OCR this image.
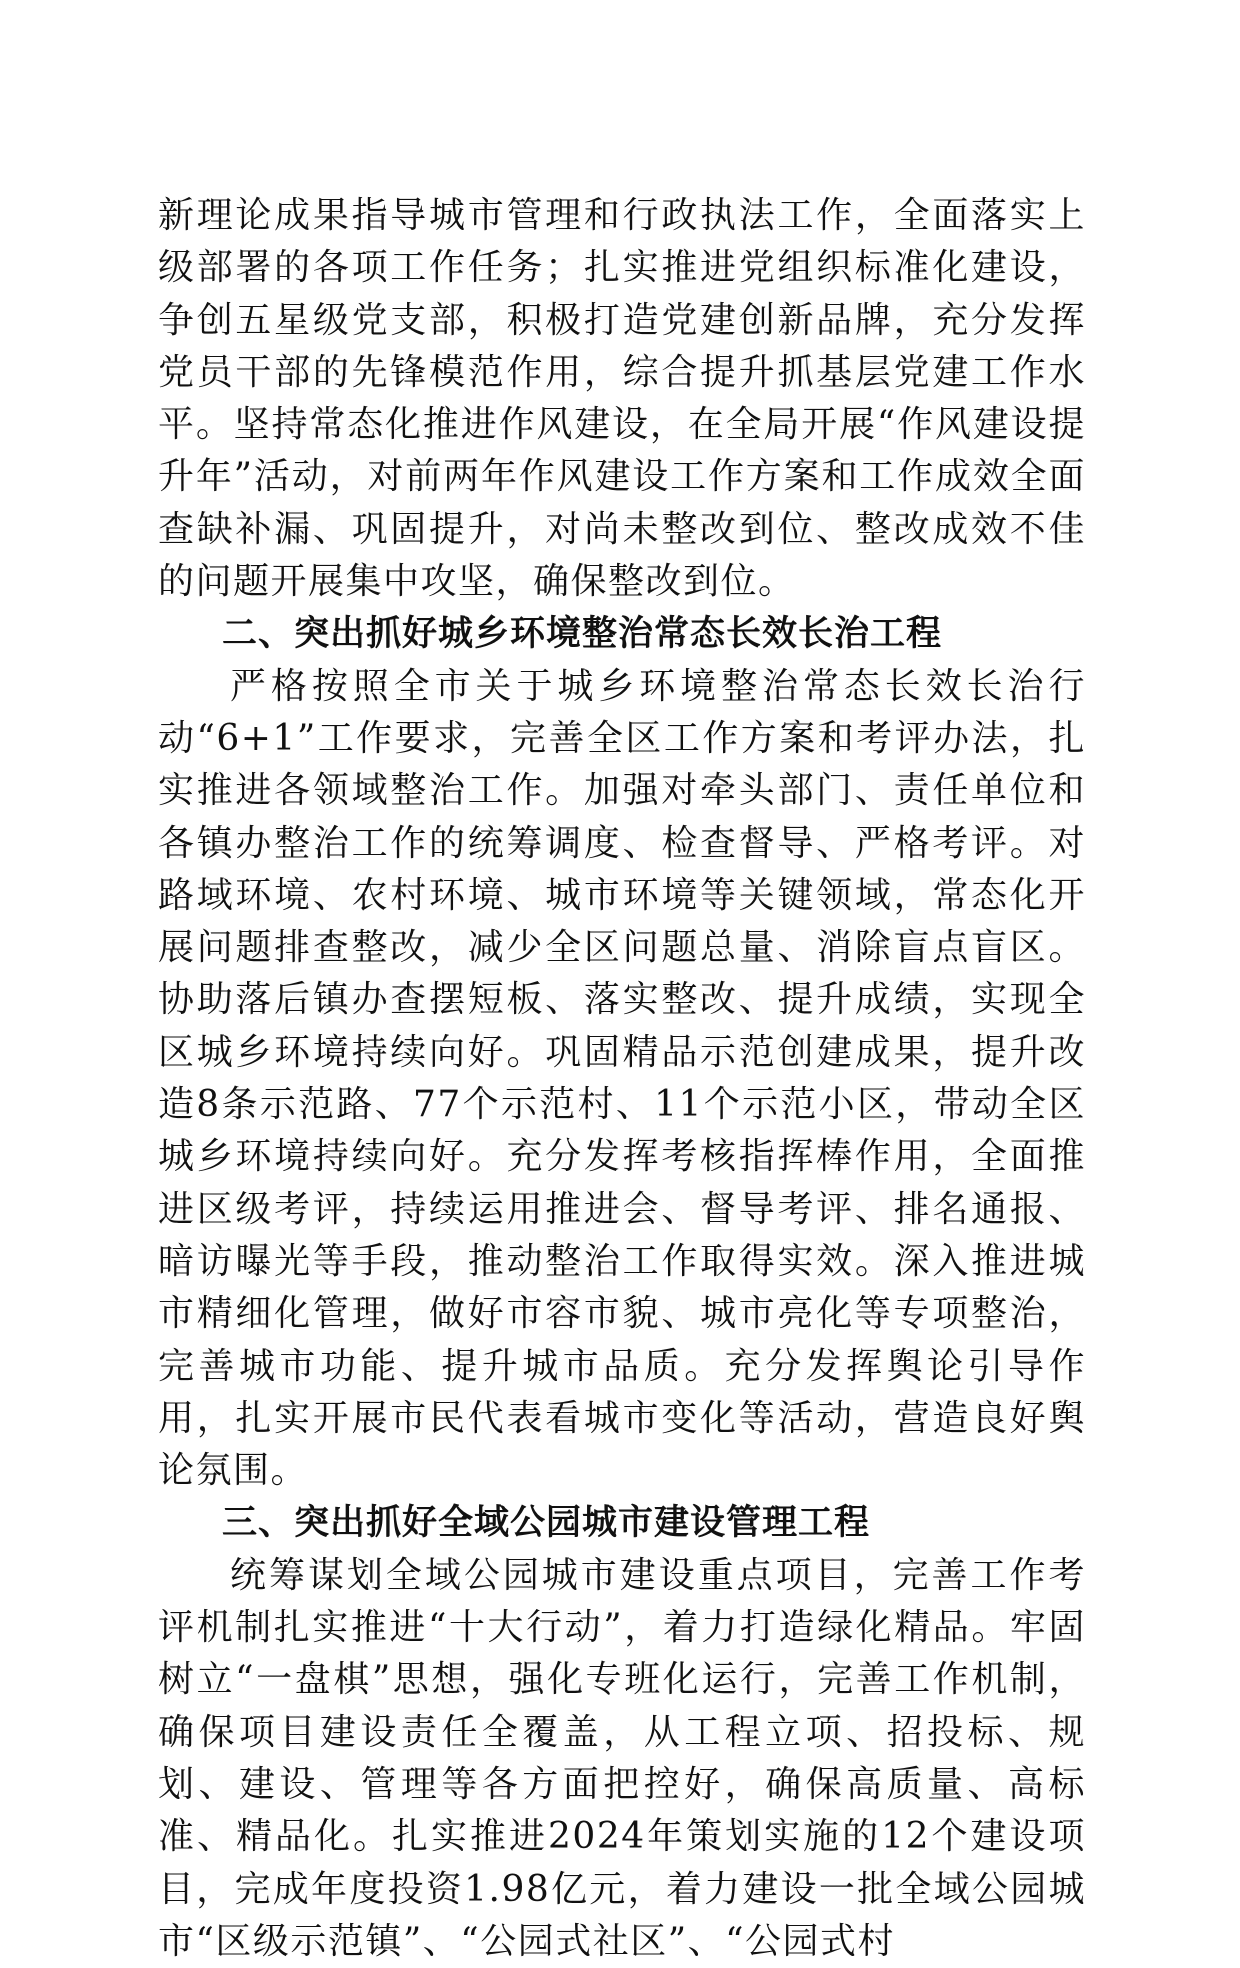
新理论成果指导城市管理和行政执法工作，全面落实上级部署的各项工作任务；扎实推进党组织标准化建设，争创五星级党支部，积极打造党建创新品牌，充分发挥党员干部的先锋模范作用，综合提升抓基层党建工作水平。坚持常态化推进作风建设，在全局开展“作风建设提升年”活动，对前两年作风建设工作方案和工作成效全面查缺补漏、巩固提升，对尚未整改到位、整改成效不佳的问题开展集中攻坚，确保整改到位。

二、突出抓好城乡环境整治常态长效长治工程

严格按照全市关于城乡环境整治常态长效长治行动“6+1”工作要求，完善全区工作方案和考评办法，扎实推进各领域整治工作。加强对牵头部门、责任单位和各镇办整治工作的统筹调度、检查督导、严格考评。对路域环境、农村环境、城市环境等关键领域，常态化开展问题排查整改，减少全区问题总量、消除盲点盲区。协助落后镇办查摆短板、落实整改、提升成绩，实现全区城乡环境持续向好。巩固精品示范创建成果，提升改造8条示范路、77个示范村、11个示范小区，带动全区城乡环境持续向好。充分发挥考核指挥棒作用，全面推进区级考评，持续运用推进会、督导考评、排名通报、暗访曝光等手段，推动整治工作取得实效。深入推进城市精细化管理，做好市容市貌、城市亮化等专项整治，完善城市功能、提升城市品质。充分发挥舆论引导作用，扎实开展市民代表看城市变化等活动，营造良好舆论氛围。

三、突出抓好全域公园城市建设管理工程

统筹谋划全域公园城市建设重点项目，完善工作考评机制扎实推进“十大行动”，着力打造绿化精品。牢固树立“一盘棋”思想，强化专班化运行，完善工作机制，确保项目建设责任全覆盖，从工程立项、招投标、规划、建设、管理等各方面把控好，确保高质量、高标准、精品化。扎实推进2024年策划实施的12个建设项目，完成年度投资1.98亿元，着力建设一批全域公园城市“区级示范镇”、“公园式社区”、“公园式村
